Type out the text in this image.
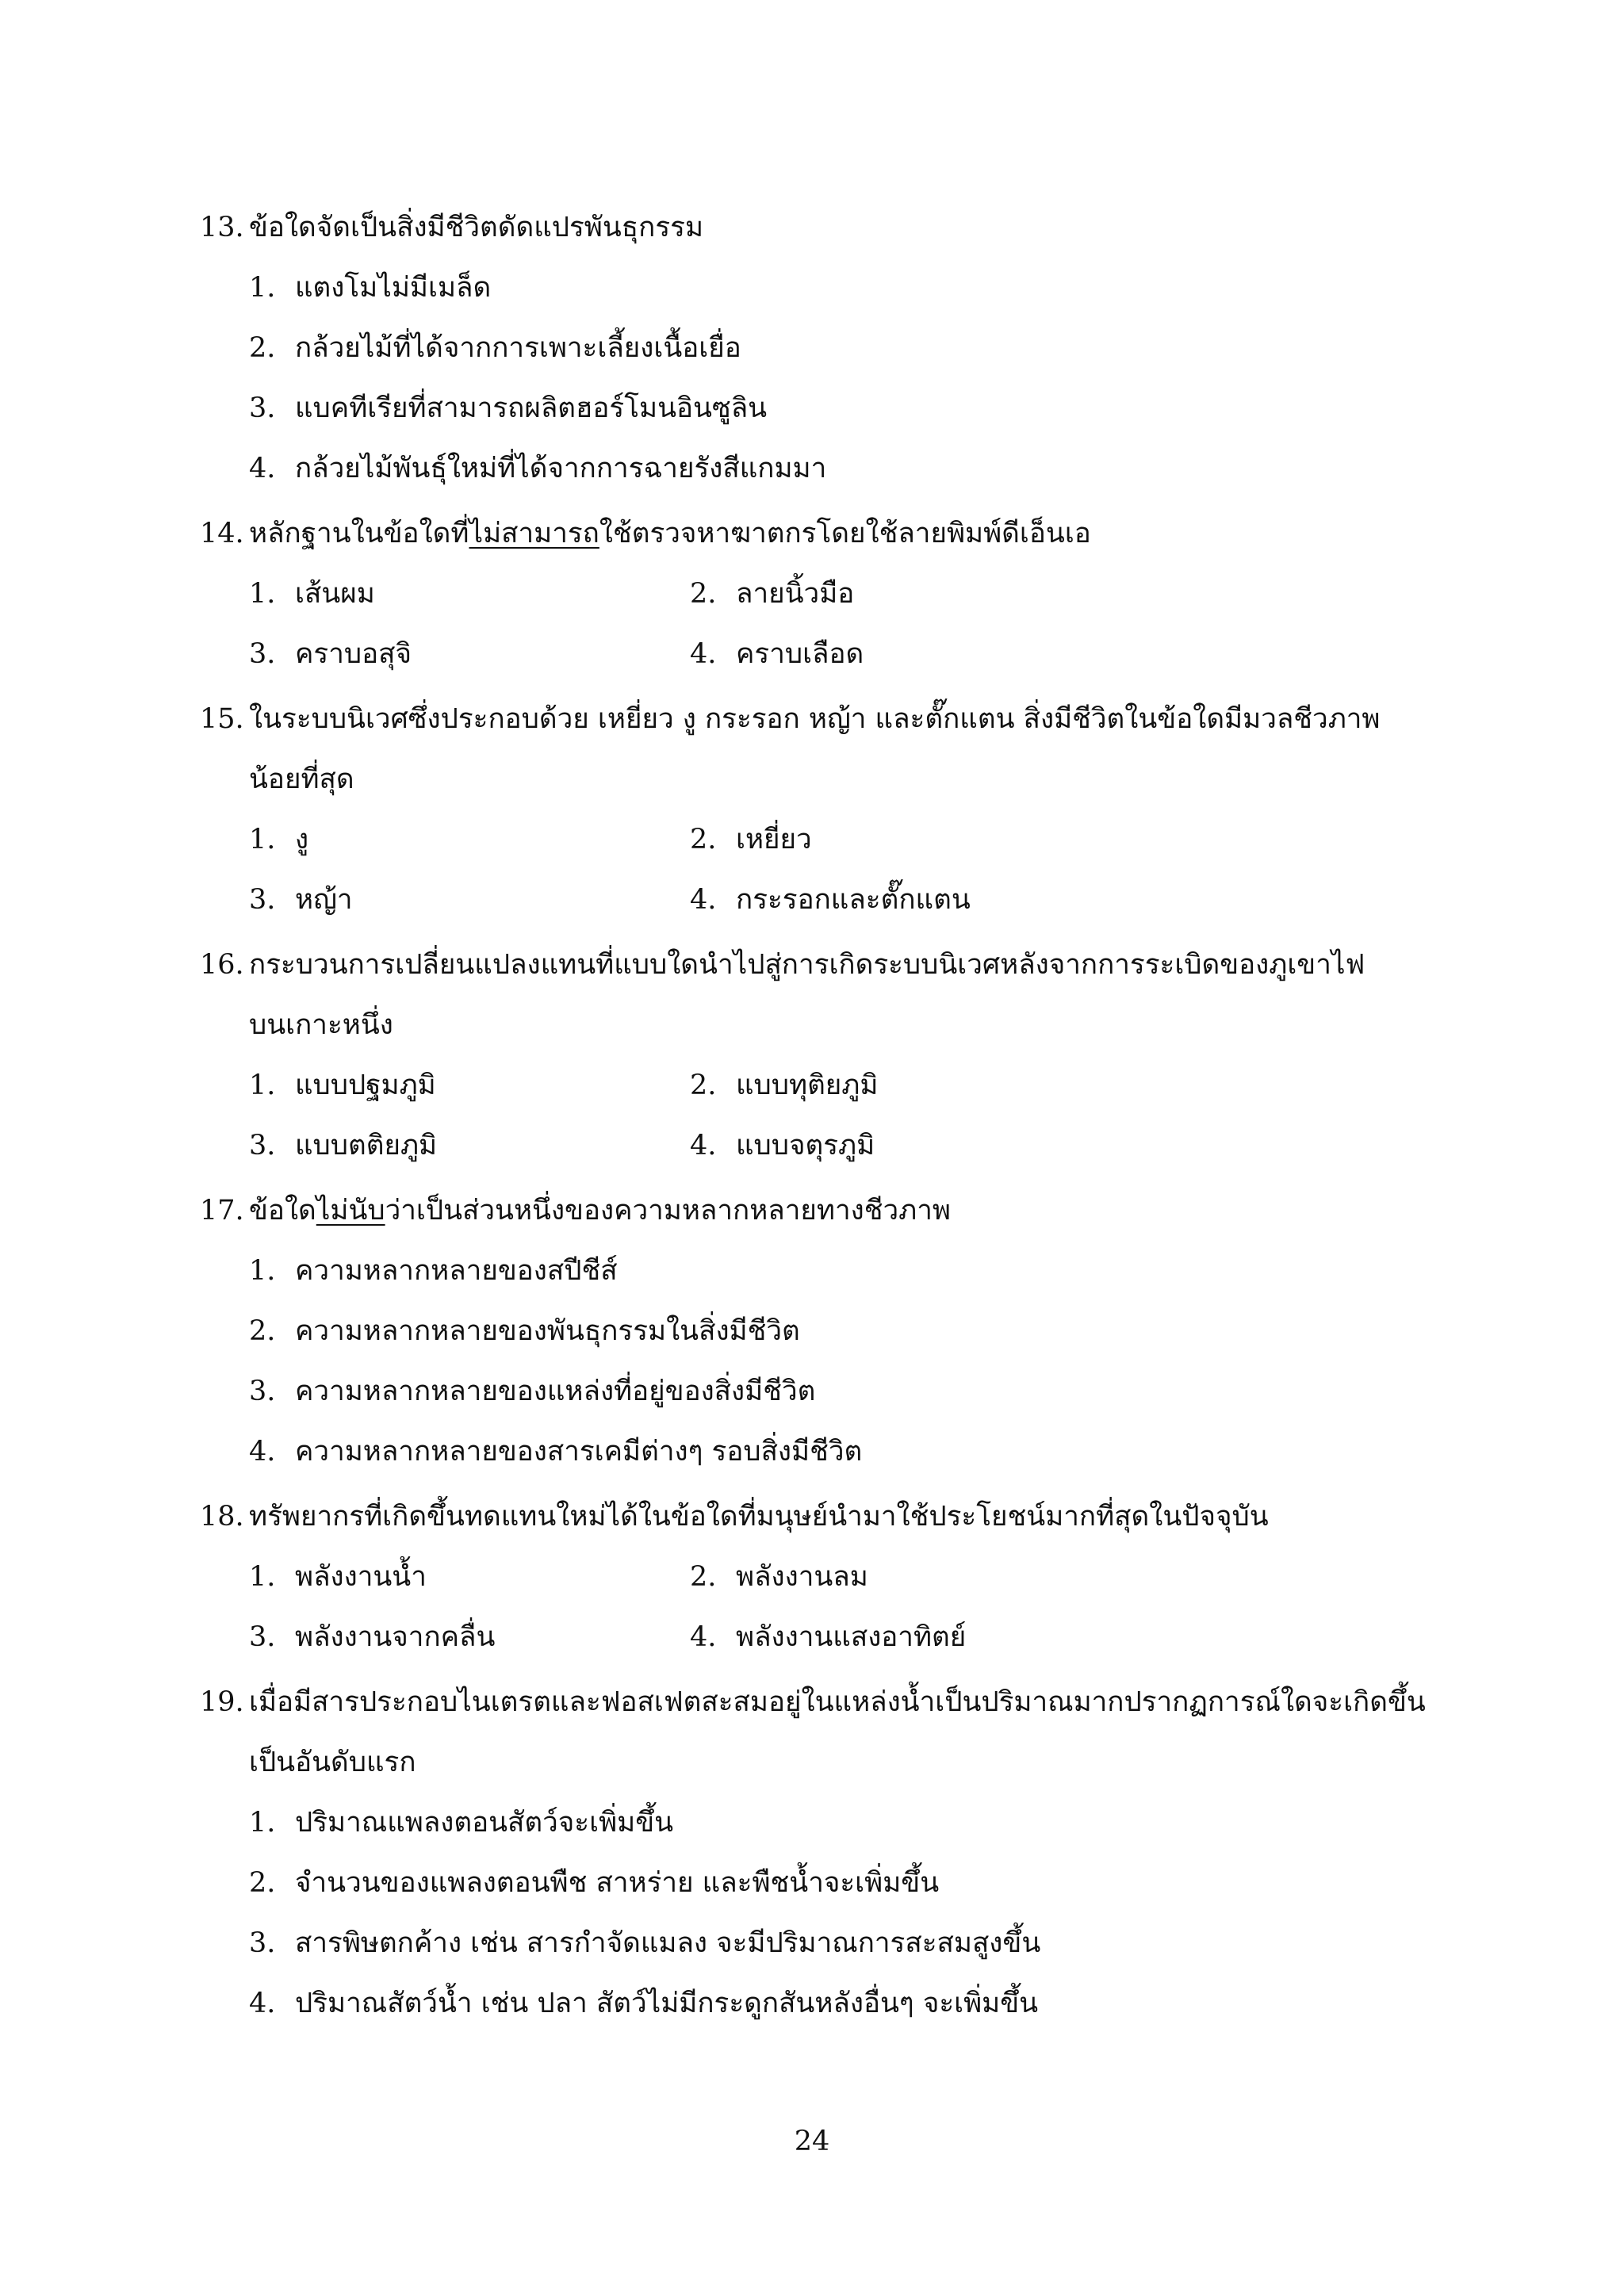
13. ข้อใดจัดเป็นสิ่งมีชีวิตดัดแปรพันธุกรรม
1. แตงโมไม่มีเมล็ด
2. กล้วยไม้ที่ได้จากการเพาะเลี้ยงเนื้อเยื่อ
3. แบคทีเรียที่สามารถผลิตฮอร์โมนอินซูลิน
4. กล้วยไม้พันธุ์ใหม่ที่ได้จากการฉายรังสีแกมมา
14. หลักฐานในข้อใดที่ไม่สามารถใช้ตรวจหาฆาตกรโดยใช้ลายพิมพ์ดีเอ็นเอ
1. เส้นผม	2. ลายนิ้วมือ
3. คราบอสุจิ	4. คราบเลือด
15. ในระบบนิเวศซึ่งประกอบด้วย เหยี่ยว งู กระรอก หญ้า และตั๊กแตน สิ่งมีชีวิตในข้อใดมีมวลชีวภาพ
น้อยที่สุด
1. งู	2. เหยี่ยว
3. หญ้า	4. กระรอกและตั๊กแตน
16. กระบวนการเปลี่ยนแปลงแทนที่แบบใดนำไปสู่การเกิดระบบนิเวศหลังจากการระเบิดของภูเขาไฟ
บนเกาะหนึ่ง
1. แบบปฐมภูมิ	2. แบบทุติยภูมิ
3. แบบตติยภูมิ	4. แบบจตุรภูมิ
17. ข้อใดไม่นับว่าเป็นส่วนหนึ่งของความหลากหลายทางชีวภาพ
1. ความหลากหลายของสปีชีส์
2. ความหลากหลายของพันธุกรรมในสิ่งมีชีวิต
3. ความหลากหลายของแหล่งที่อยู่ของสิ่งมีชีวิต
4. ความหลากหลายของสารเคมีต่างๆ รอบสิ่งมีชีวิต
18. ทรัพยากรที่เกิดขึ้นทดแทนใหม่ได้ในข้อใดที่มนุษย์นำมาใช้ประโยชน์มากที่สุดในปัจจุบัน
1. พลังงานน้ำ	2. พลังงานลม
3. พลังงานจากคลื่น	4. พลังงานแสงอาทิตย์
19. เมื่อมีสารประกอบไนเตรตและฟอสเฟตสะสมอยู่ในแหล่งน้ำเป็นปริมาณมากปรากฏการณ์ใดจะเกิดขึ้น
เป็นอันดับแรก
1. ปริมาณแพลงตอนสัตว์จะเพิ่มขึ้น
2. จำนวนของแพลงตอนพืช สาหร่าย และพืชน้ำจะเพิ่มขึ้น
3. สารพิษตกค้าง เช่น สารกำจัดแมลง จะมีปริมาณการสะสมสูงขึ้น
4. ปริมาณสัตว์น้ำ เช่น ปลา สัตว์ไม่มีกระดูกสันหลังอื่นๆ จะเพิ่มขึ้น
24
